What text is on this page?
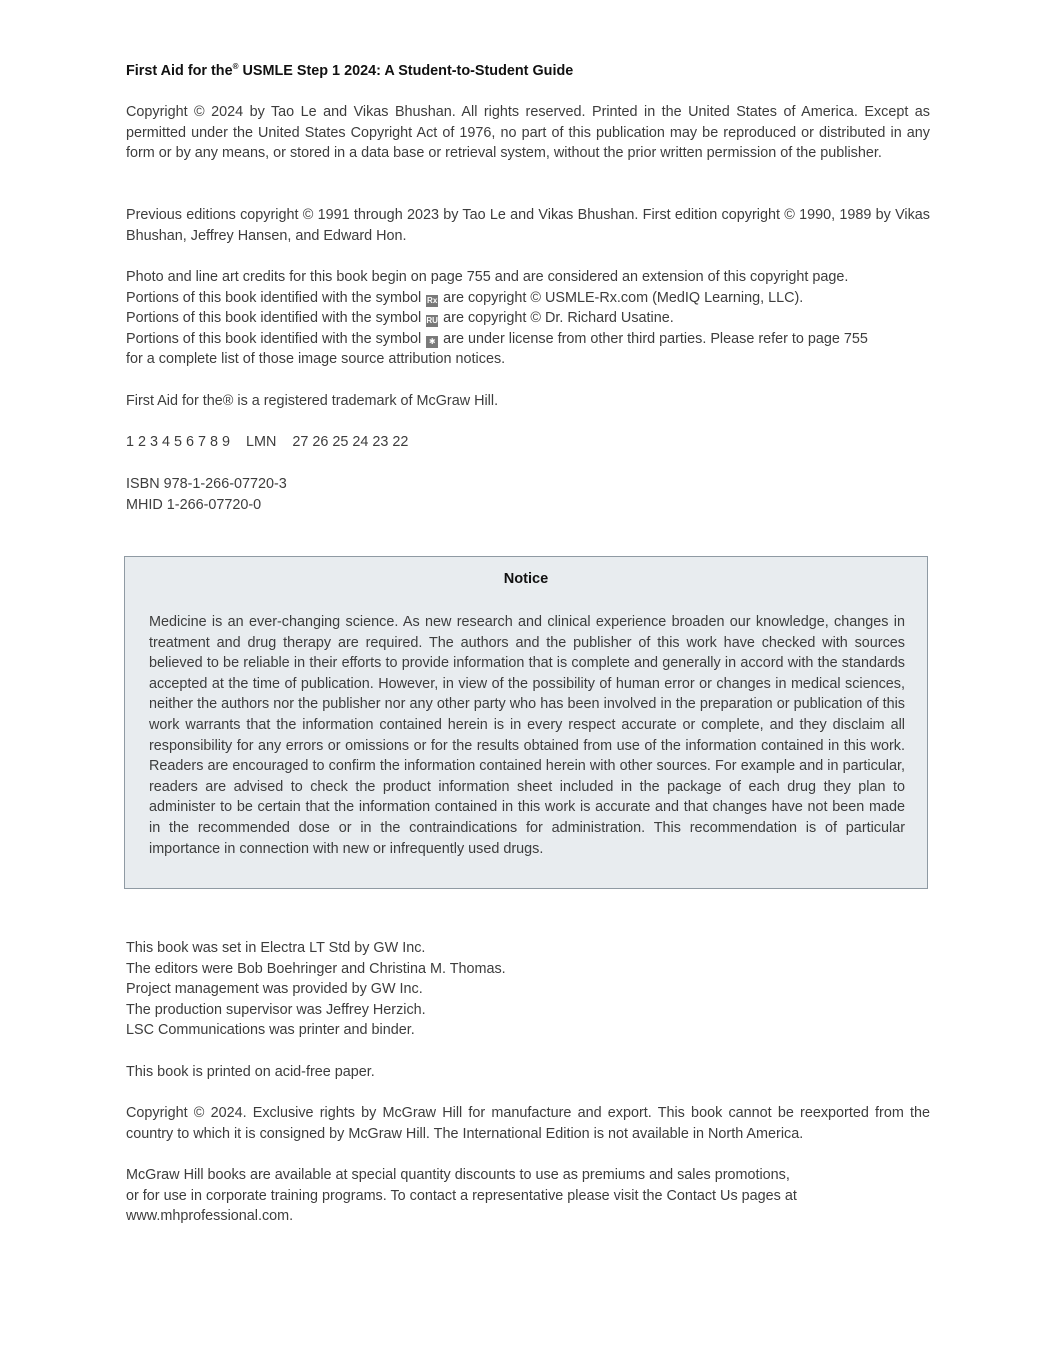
First Aid for the® USMLE Step 1 2024: A Student-to-Student Guide
Copyright © 2024 by Tao Le and Vikas Bhushan. All rights reserved. Printed in the United States of America. Except as permitted under the United States Copyright Act of 1976, no part of this publication may be reproduced or distributed in any form or by any means, or stored in a data base or retrieval system, without the prior written permission of the publisher.
Previous editions copyright © 1991 through 2023 by Tao Le and Vikas Bhushan. First edition copyright © 1990, 1989 by Vikas Bhushan, Jeffrey Hansen, and Edward Hon.
Photo and line art credits for this book begin on page 755 and are considered an extension of this copyright page.
Portions of this book identified with the symbol Rx are copyright © USMLE-Rx.com (MedIQ Learning, LLC).
Portions of this book identified with the symbol RU are copyright © Dr. Richard Usatine.
Portions of this book identified with the symbol ✱ are under license from other third parties. Please refer to page 755
for a complete list of those image source attribution notices.
First Aid for the® is a registered trademark of McGraw Hill.
1 2 3 4 5 6 7 8 9    LMN    27 26 25 24 23 22
ISBN 978-1-266-07720-3
MHID 1-266-07720-0
This book was set in Electra LT Std by GW Inc.
The editors were Bob Boehringer and Christina M. Thomas.
Project management was provided by GW Inc.
The production supervisor was Jeffrey Herzich.
LSC Communications was printer and binder.
This book is printed on acid-free paper.
Copyright © 2024. Exclusive rights by McGraw Hill for manufacture and export. This book cannot be reexported from the country to which it is consigned by McGraw Hill. The International Edition is not available in North America.
McGraw Hill books are available at special quantity discounts to use as premiums and sales promotions,
or for use in corporate training programs. To contact a representative please visit the Contact Us pages at
www.mhprofessional.com.
Notice
Medicine is an ever-changing science. As new research and clinical experience broaden our knowledge, changes in treatment and drug therapy are required. The authors and the publisher of this work have checked with sources believed to be reliable in their efforts to provide information that is complete and generally in accord with the standards accepted at the time of publication. However, in view of the possibility of human error or changes in medical sciences, neither the authors nor the publisher nor any other party who has been involved in the preparation or publication of this work warrants that the information contained herein is in every respect accurate or complete, and they disclaim all responsibility for any errors or omissions or for the results obtained from use of the information contained in this work. Readers are encouraged to confirm the information contained herein with other sources. For example and in particular, readers are advised to check the product information sheet included in the package of each drug they plan to administer to be certain that the information contained in this work is accurate and that changes have not been made in the recommended dose or in the contraindications for administration. This recommendation is of particular importance in connection with new or infrequently used drugs.
